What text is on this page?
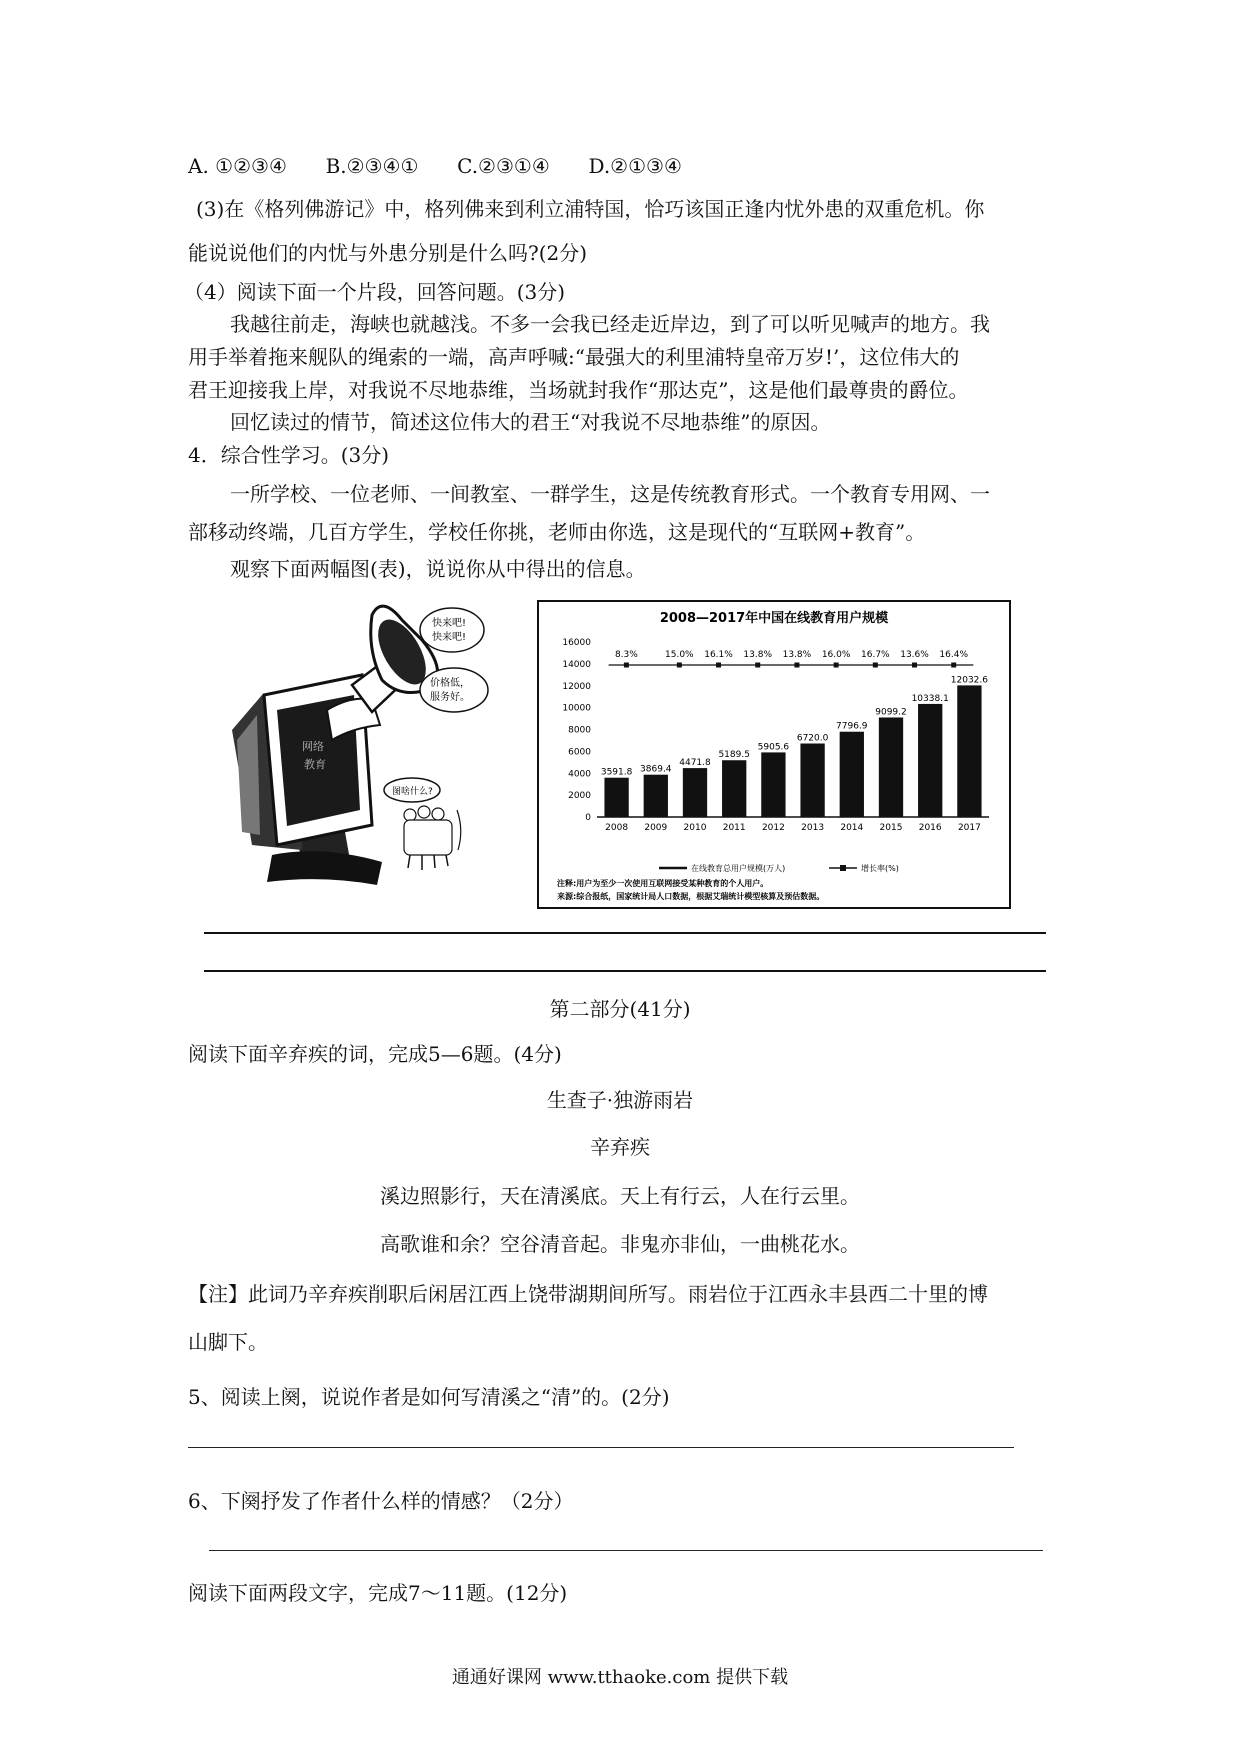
A. ①②③④ B.②③④① C.②③①④ D.②①③④
(3)在《格列佛游记》中，格列佛来到利立浦特国，恰巧该国正逢内忧外患的双重危机。你
能说说他们的内忧与外患分别是什么吗?(2分)
（4）阅读下面一个片段，回答问题。(3分)
我越往前走，海峡也就越浅。不多一会我已经走近岸边，到了可以听见喊声的地方。我
用手举着拖来舰队的绳索的一端，高声呼喊:“最强大的利里浦特皇帝万岁!’，这位伟大的
君王迎接我上岸，对我说不尽地恭维，当场就封我作“那达克”，这是他们最尊贵的爵位。
回忆读过的情节，简述这位伟大的君王“对我说不尽地恭维”的原因。
4．综合性学习。(3分)
一所学校、一位老师、一间教室、一群学生，这是传统教育形式。一个教育专用网、一
部移动终端，几百方学生，学校任你挑，老师由你选，这是现代的“互联网+教育”。
观察下面两幅图(表)，说说你从中得出的信息。
网络
教育
快来吧!
快来吧!
价格低，
服务好。
图啥什么?
2008—2017年中国在线教育用户规模
0
2000
4000
6000
8000
10000
12000
14000
16000
3591.8 3869.4
4471.8
5189.5
5905.6
6720.0
7796.9
9099.2
10338.1
12032.6
8.3%	15.0% 16.1% 13.8% 13.8% 16.0% 16.7% 13.6% 16.4%
2008 2009 2010 2011 2012 2013 2014 2015 2016 2017
在线教育总用户规模(万人)	增长率(%)
注释:用户为至少一次使用互联网接受某种教育的个人用户。
来源:综合报纸，国家统计局人口数据，根据艾瑞统计模型核算及预估数据。
第二部分(41分)
阅读下面辛弃疾的词，完成5—6题。(4分)
生查子·独游雨岩
辛弃疾
溪边照影行，天在清溪底。天上有行云，人在行云里。
高歌谁和余？空谷清音起。非鬼亦非仙，一曲桃花水。
【注】此词乃辛弃疾削职后闲居江西上饶带湖期间所写。雨岩位于江西永丰县西二十里的博
山脚下。
5、阅读上阕，说说作者是如何写清溪之“清”的。(2分)
6、下阕抒发了作者什么样的情感？（2分）
阅读下面两段文字，完成7～11题。(12分)
通通好课网 www.tthaoke.com 提供下载
